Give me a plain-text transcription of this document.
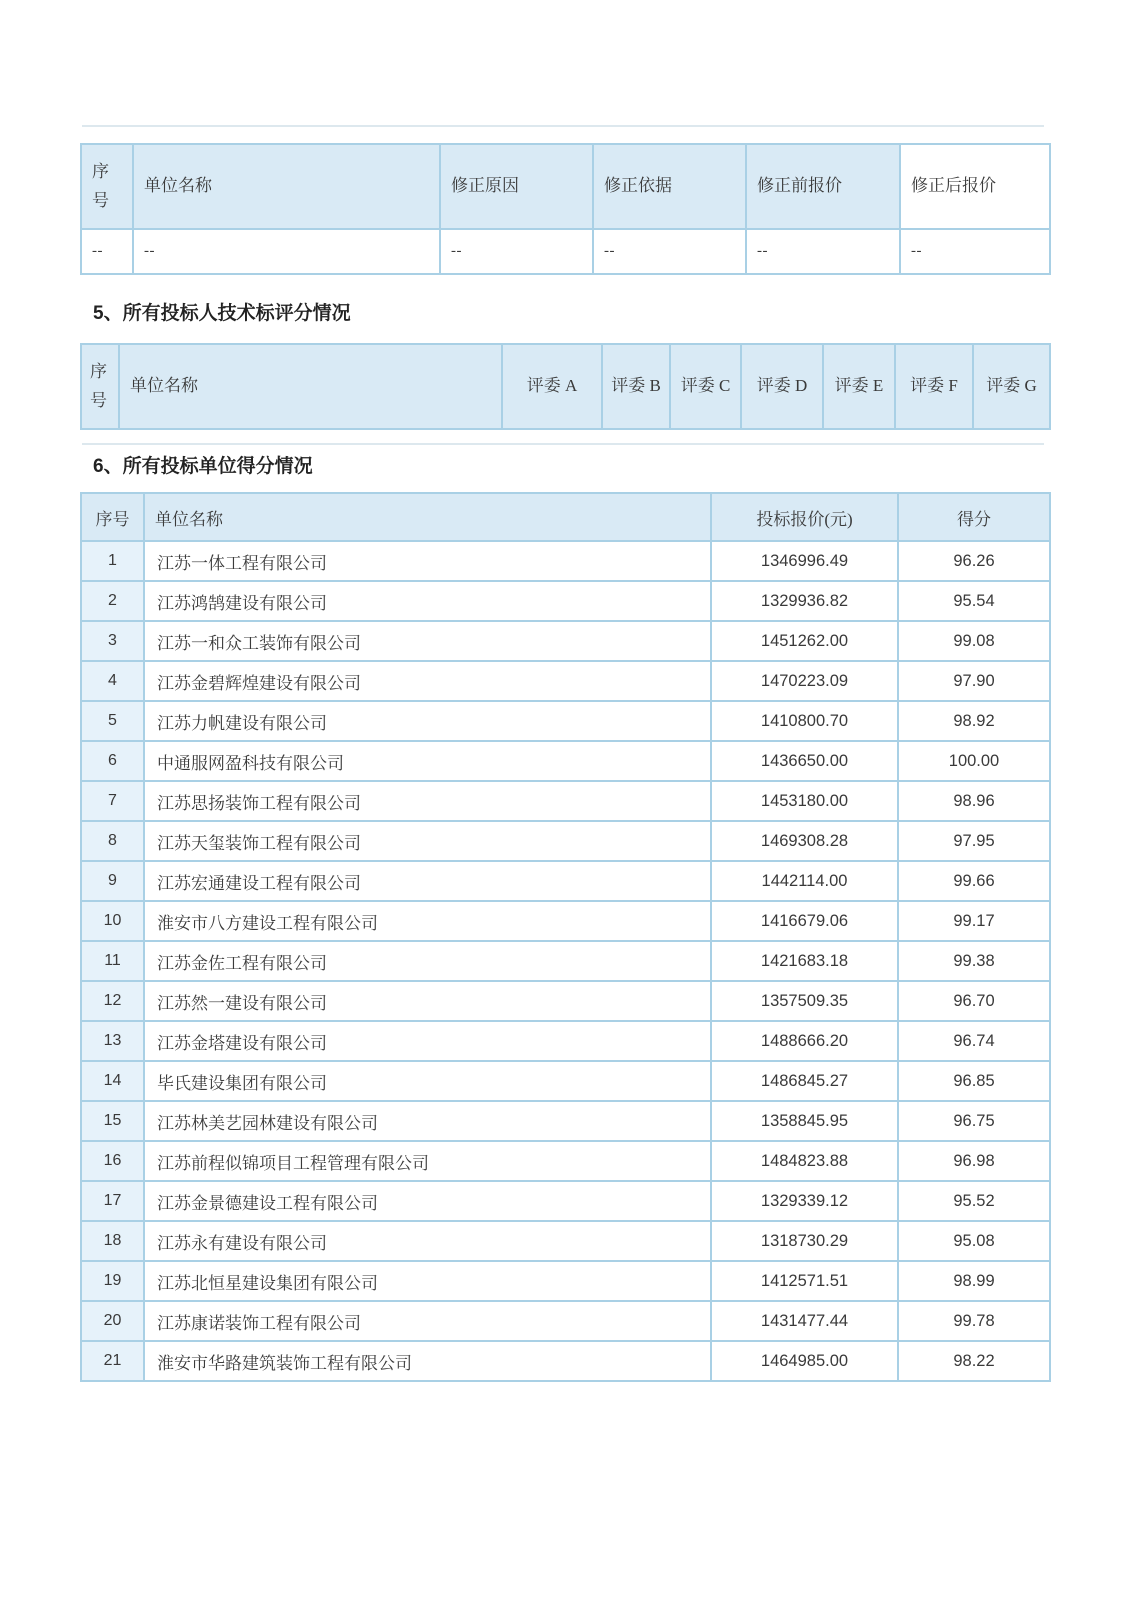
序号	单位名称	修正原因	修正依据	修正前报价	修正后报价
--	--	--	--	--	--
5、所有投标人技术标评分情况
序号	单位名称	评委 A	评委 B	评委 C	评委 D	评委 E	评委 F	评委 G
6、所有投标单位得分情况
序号	单位名称	投标报价(元)	得分
1	江苏一体工程有限公司	1346996.49	96.26
2	江苏鸿鹄建设有限公司	1329936.82	95.54
3	江苏一和众工装饰有限公司	1451262.00	99.08
4	江苏金碧辉煌建设有限公司	1470223.09	97.90
5	江苏力帆建设有限公司	1410800.70	98.92
6	中通服网盈科技有限公司	1436650.00	100.00
7	江苏思扬装饰工程有限公司	1453180.00	98.96
8	江苏天玺装饰工程有限公司	1469308.28	97.95
9	江苏宏通建设工程有限公司	1442114.00	99.66
10	淮安市八方建设工程有限公司	1416679.06	99.17
11	江苏金佐工程有限公司	1421683.18	99.38
12	江苏然一建设有限公司	1357509.35	96.70
13	江苏金塔建设有限公司	1488666.20	96.74
14	毕氏建设集团有限公司	1486845.27	96.85
15	江苏林美艺园林建设有限公司	1358845.95	96.75
16	江苏前程似锦项目工程管理有限公司	1484823.88	96.98
17	江苏金景德建设工程有限公司	1329339.12	95.52
18	江苏永有建设有限公司	1318730.29	95.08
19	江苏北恒星建设集团有限公司	1412571.51	98.99
20	江苏康诺装饰工程有限公司	1431477.44	99.78
21	淮安市华路建筑装饰工程有限公司	1464985.00	98.22
